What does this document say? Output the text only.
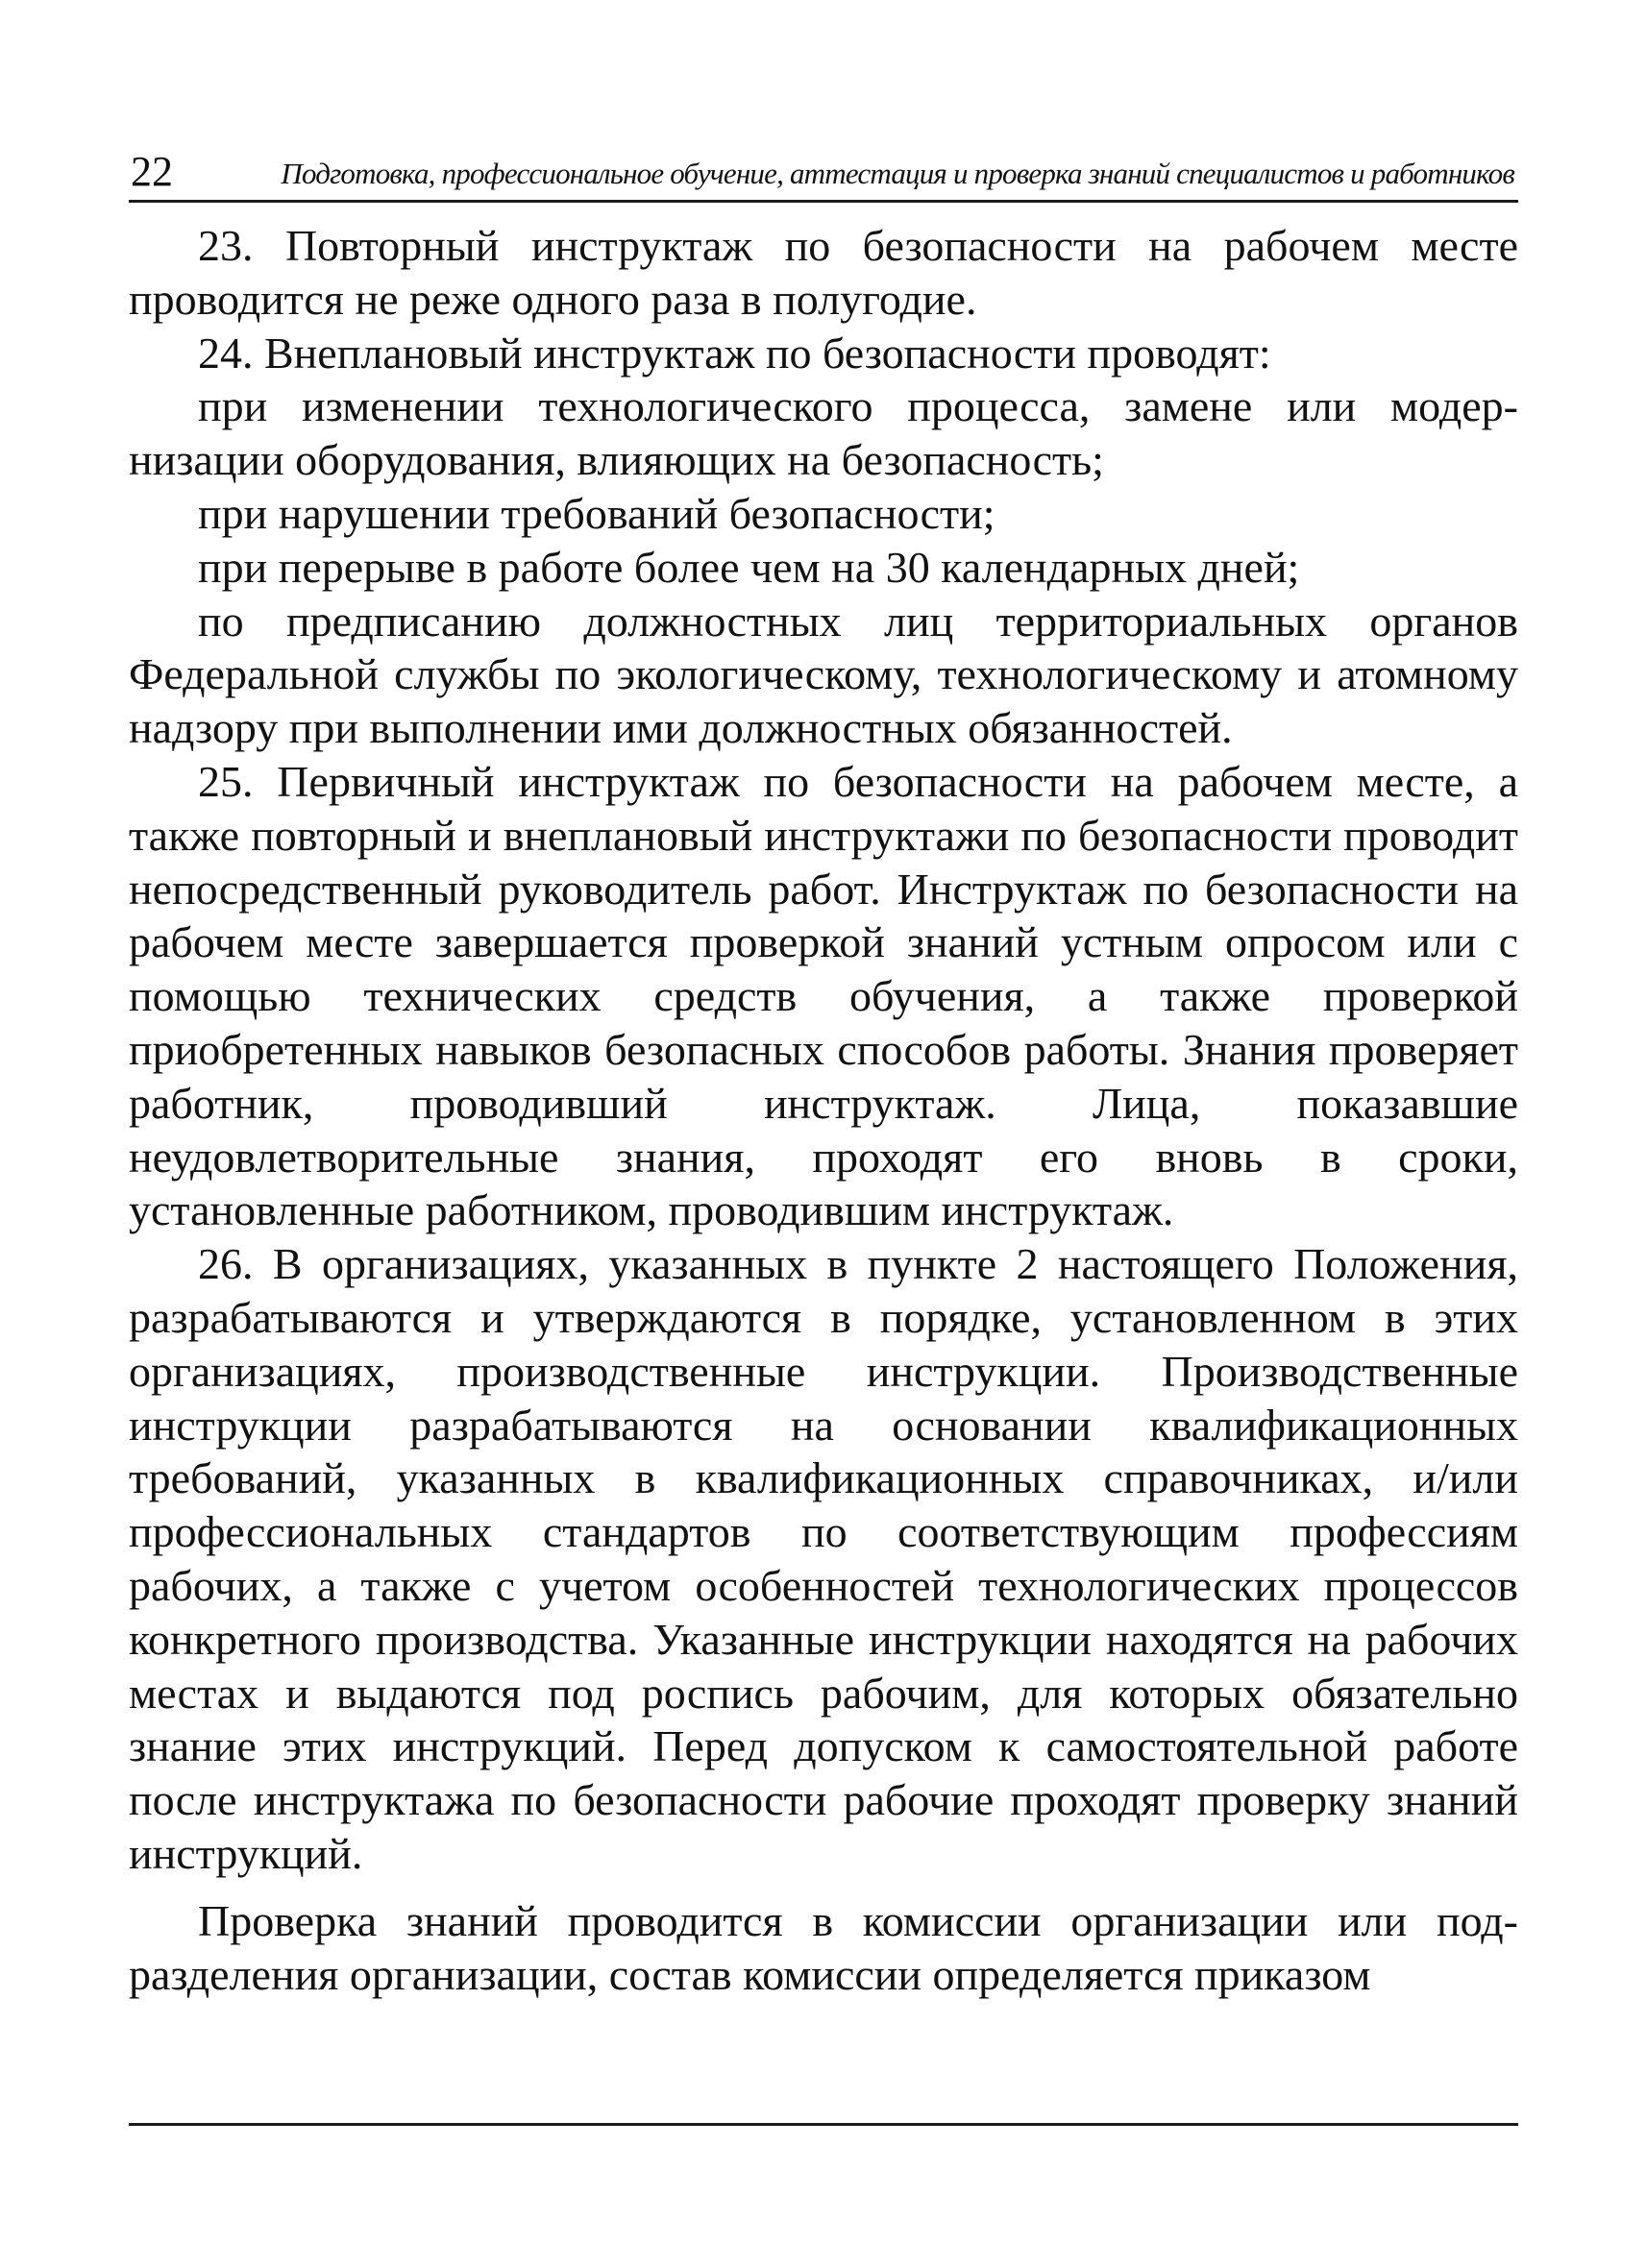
22	Подготовка, профессиональное обучение, аттестация и проверка знаний специалистов и работников

23. Повторный инструктаж по безопасности на рабочем месте проводится не реже одного раза в полугодие.

24. Внеплановый инструктаж по безопасности проводят:

при изменении технологического процесса, замене или модернизации оборудования, влияющих на безопасность;

при нарушении требований безопасности;

при перерыве в работе более чем на 30 календарных дней;

по предписанию должностных лиц территориальных органов Федеральной службы по экологическому, технологическому и атомному надзору при выполнении ими должностных обязанностей.

25. Первичный инструктаж по безопасности на рабочем месте, а также повторный и внеплановый инструктажи по безопасности проводит непосредственный руководитель работ. Инструктаж по безопасности на рабочем месте завершается проверкой знаний устным опросом или с помощью технических средств обучения, а также проверкой приобретенных навыков безопасных способов работы. Знания проверяет работник, проводивший инструктаж. Лица, показавшие неудовлетворительные знания, проходят его вновь в сроки, установленные работником, проводившим инструктаж.

26. В организациях, указанных в пункте 2 настоящего Положения, разрабатываются и утверждаются в порядке, установленном в этих организациях, производственные инструкции. Производственные инструкции разрабатываются на основании квалификационных требований, указанных в квалификационных справочниках, и/или профессиональных стандартов по соответствующим профессиям рабочих, а также с учетом особенностей технологических процессов конкретного производства. Указанные инструкции находятся на рабочих местах и выдаются под роспись рабочим, для которых обязательно знание этих инструкций. Перед допуском к самостоятельной работе после инструктажа по безопасности рабочие проходят проверку знаний инструкций.

Проверка знаний проводится в комиссии организации или подразделения организации, состав комиссии определяется приказом
